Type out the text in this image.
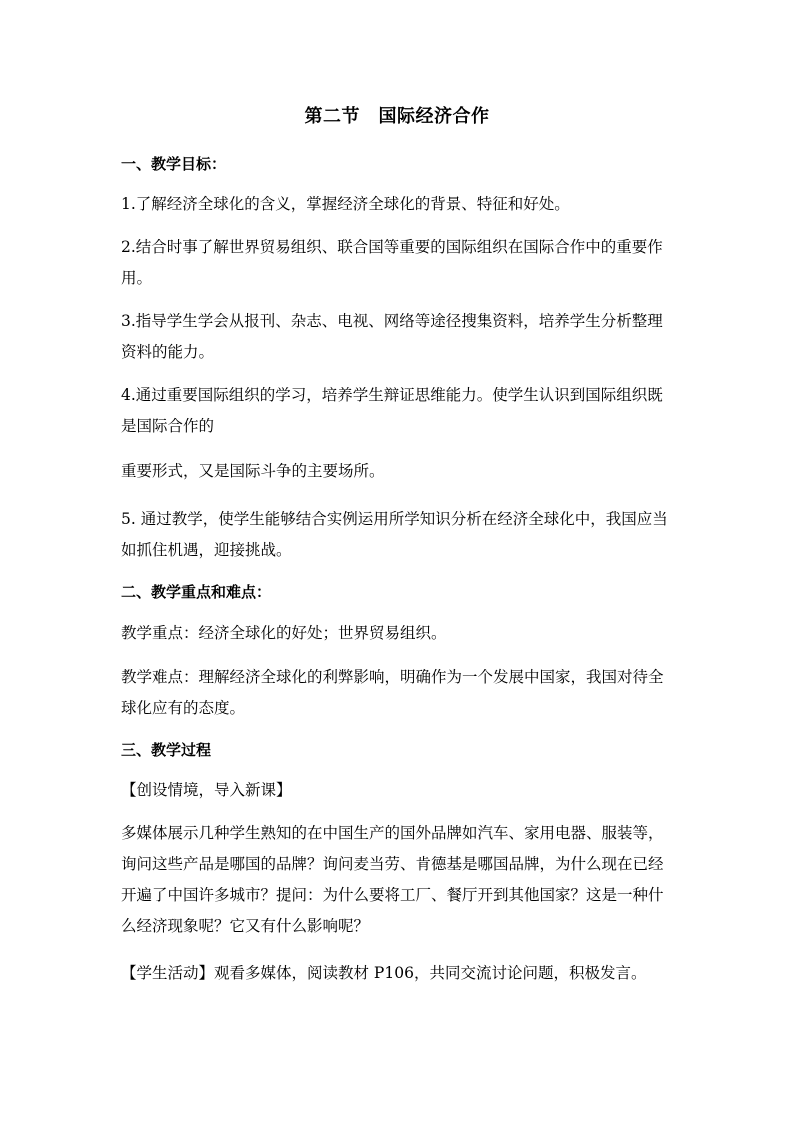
第二节　国际经济合作
一、教学目标：
1.了解经济全球化的含义，掌握经济全球化的背景、特征和好处。
2.结合时事了解世界贸易组织、联合国等重要的国际组织在国际合作中的重要作用。
3.指导学生学会从报刊、杂志、电视、网络等途径搜集资料，培养学生分析整理资料的能力。
4.通过重要国际组织的学习，培养学生辩证思维能力。使学生认识到国际组织既是国际合作的
重要形式，又是国际斗争的主要场所。
5. 通过教学，使学生能够结合实例运用所学知识分析在经济全球化中，我国应当如抓住机遇，迎接挑战。
二、教学重点和难点：
教学重点：经济全球化的好处；世界贸易组织。
教学难点：理解经济全球化的利弊影响，明确作为一个发展中国家，我国对待全球化应有的态度。
三、教学过程
【创设情境，导入新课】
多媒体展示几种学生熟知的在中国生产的国外品牌如汽车、家用电器、服装等，询问这些产品是哪国的品牌？询问麦当劳、肯德基是哪国品牌，为什么现在已经开遍了中国许多城市？提问：为什么要将工厂、餐厅开到其他国家？这是一种什么经济现象呢？它又有什么影响呢？
【学生活动】观看多媒体，阅读教材 P106，共同交流讨论问题，积极发言。
